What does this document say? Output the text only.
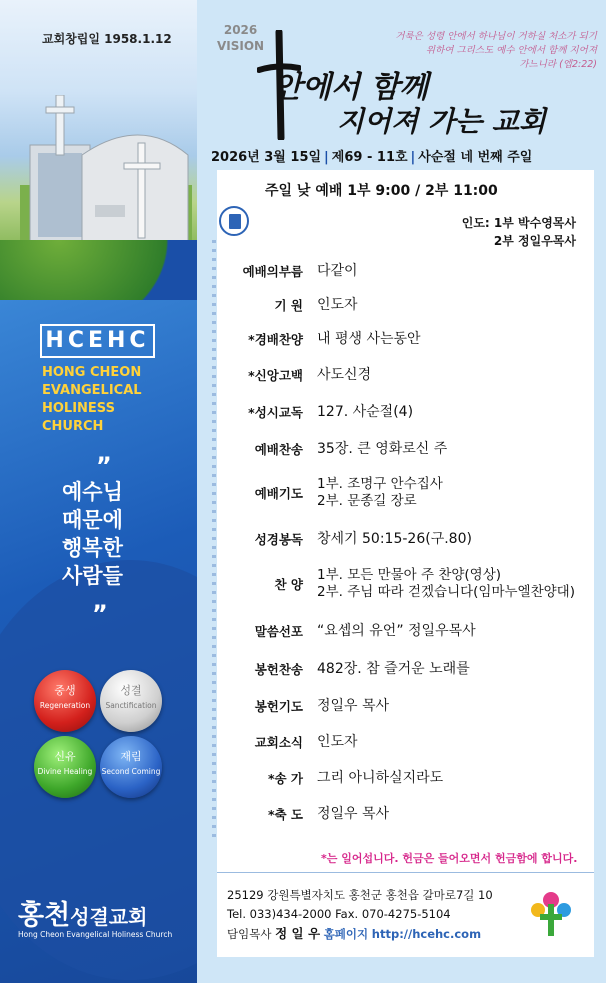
교회창립일 1958.1.12
HCEHC
HONG CHEON
EVANGELICAL
HOLINESS
CHURCH
”
예수님
때문에
행복한
사람들
”
중생
Regeneration
성결
Sanctification
신유
Divine Healing
재림
Second Coming
홍천성결교회
Hong Cheon Evangelical Holiness Church
2026
VISION
거룩은 성령 안에서 하나님이 거하실 처소가 되기
위하여 그리스도 예수 안에서 함께 지어져
가느니라 (엡2:22)
안에서 함께
지어져 가는 교회
2026년 3월 15일 | 제69 - 11호 | 사순절 네 번째 주일
주일 낮 예배 1부 9:00 / 2부 11:00
인도: 1부 박수영목사
2부 정일우목사
예배의부름 다같이
기 원 인도자
*경배찬양 내 평생 사는동안
*신앙고백 사도신경
*성시교독 127. 사순절(4)
예배찬송 35장. 큰 영화로신 주
예배기도
1부. 조명구 안수집사
2부. 문종길 장로
성경봉독 창세기 50:15-26(구.80)
찬 양
1부. 모든 만물아 주 찬양(영상)
2부. 주님 따라 걷겠습니다(임마누엘찬양대)
말씀선포 “요셉의 유언” 정일우목사
봉헌찬송 482장. 참 즐거운 노래를
봉헌기도 정일우 목사
교회소식 인도자
*송 가 그리 아니하실지라도
*축 도 정일우 목사
*는 일어섭니다. 헌금은 들어오면서 헌금함에 합니다.
25129 강원특별자치도 홍천군 홍천읍 갈마로7길 10
Tel. 033)434-2000 Fax. 070-4275-5104
담임목사 정 일 우 홈페이지 http://hcehc.com
